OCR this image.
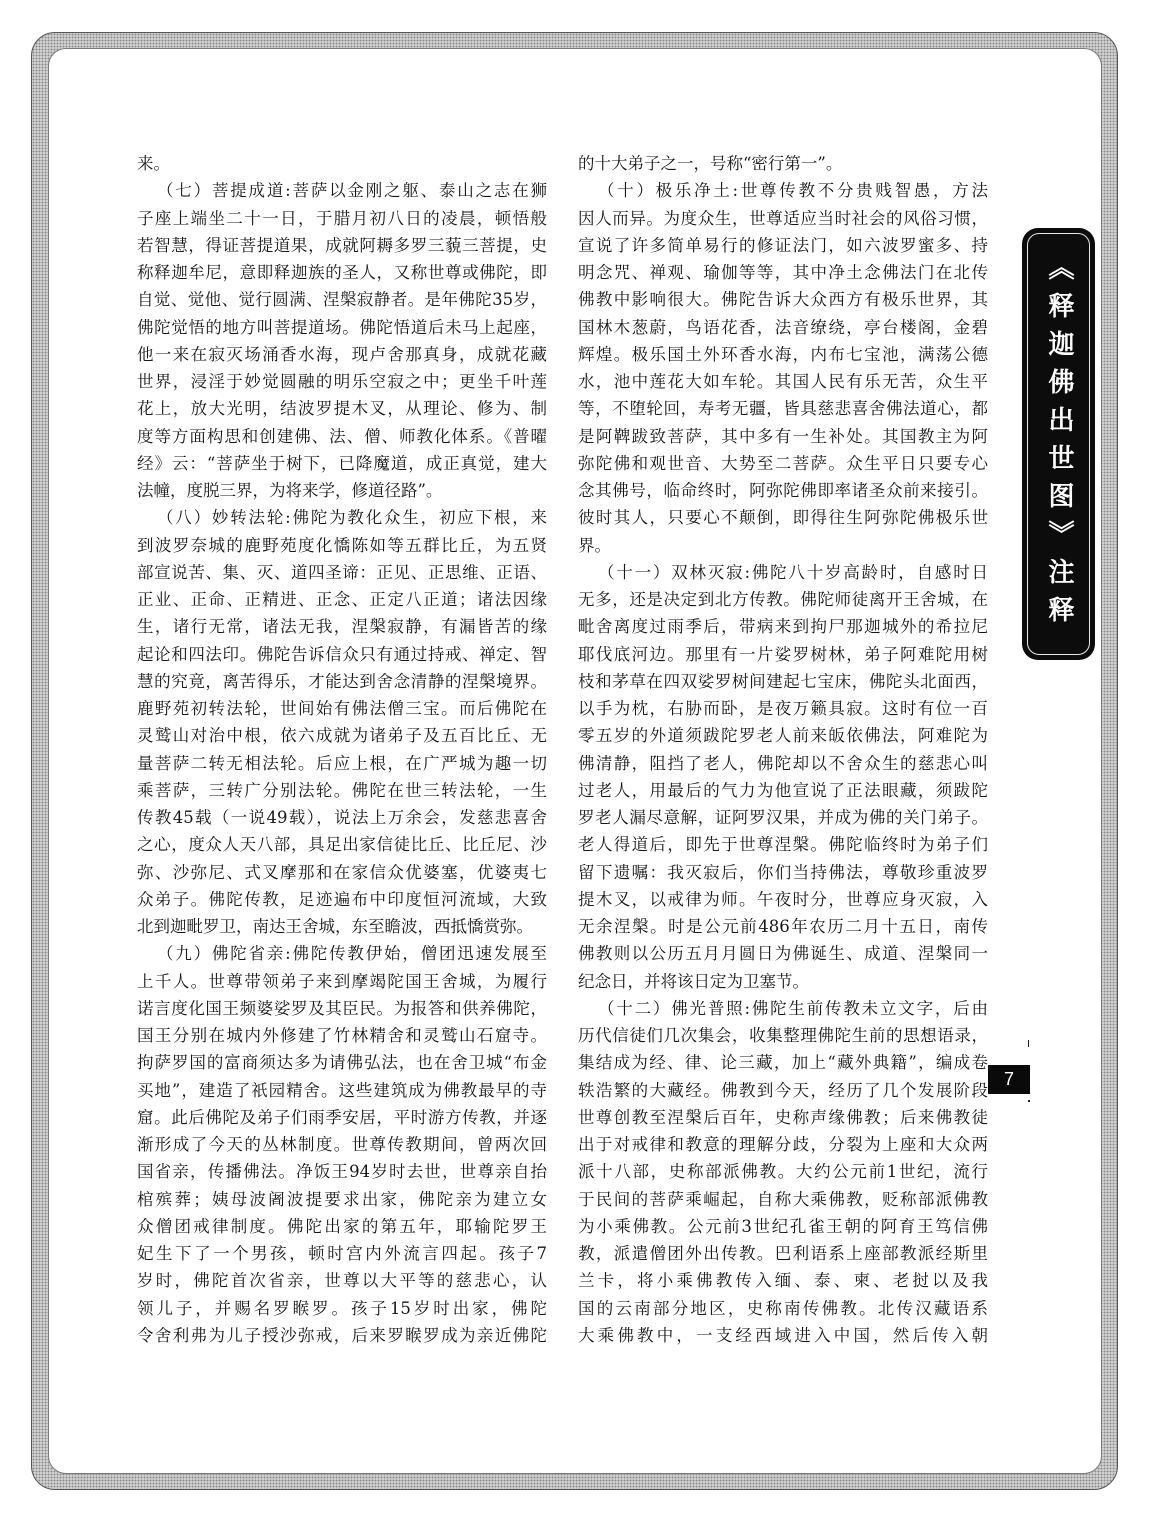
来。
（七）菩提成道:菩萨以金刚之躯、泰山之志在狮
子座上端坐二十一日，于腊月初八日的凌晨，顿悟般
若智慧，得证菩提道果，成就阿耨多罗三藐三菩提，史
称释迦牟尼，意即释迦族的圣人，又称世尊或佛陀，即
自觉、觉他、觉行圆满、涅槃寂静者。是年佛陀35岁，
佛陀觉悟的地方叫菩提道场。佛陀悟道后未马上起座，
他一来在寂灭场涌香水海，现卢舍那真身，成就花藏
世界，浸淫于妙觉圆融的明乐空寂之中；更坐千叶莲
花上，放大光明，结波罗提木叉，从理论、修为、制
度等方面构思和创建佛、法、僧、师教化体系。《普曜
经》云：“菩萨坐于树下，已降魔道，成正真觉，建大
法幢，度脱三界，为将来学，修道径路”。
（八）妙转法轮:佛陀为教化众生，初应下根，来
到波罗奈城的鹿野苑度化憍陈如等五群比丘，为五贤
部宣说苦、集、灭、道四圣谛：正见、正思维、正语、
正业、正命、正精进、正念、正定八正道；诸法因缘
生，诸行无常，诸法无我，涅槃寂静，有漏皆苦的缘
起论和四法印。佛陀告诉信众只有通过持戒、禅定、智
慧的究竟，离苦得乐，才能达到舍念清静的涅槃境界。
鹿野苑初转法轮，世间始有佛法僧三宝。而后佛陀在
灵鹫山对治中根，依六成就为诸弟子及五百比丘、无
量菩萨二转无相法轮。后应上根，在广严城为趣一切
乘菩萨，三转广分别法轮。佛陀在世三转法轮，一生
传教45载（一说49载），说法上万余会，发慈悲喜舍
之心，度众人天八部，具足出家信徒比丘、比丘尼、沙
弥、沙弥尼、式叉摩那和在家信众优婆塞，优婆夷七
众弟子。佛陀传教，足迹遍布中印度恒河流域，大致
北到迦毗罗卫，南达王舍城，东至瞻波，西抵憍赏弥。
（九）佛陀省亲:佛陀传教伊始，僧团迅速发展至
上千人。世尊带领弟子来到摩竭陀国王舍城，为履行
诺言度化国王频婆娑罗及其臣民。为报答和供养佛陀，
国王分别在城内外修建了竹林精舍和灵鹫山石窟寺。
拘萨罗国的富商须达多为请佛弘法，也在舍卫城“布金
买地”，建造了祇园精舍。这些建筑成为佛教最早的寺
窟。此后佛陀及弟子们雨季安居，平时游方传教，并逐
渐形成了今天的丛林制度。世尊传教期间，曾两次回
国省亲，传播佛法。净饭王94岁时去世，世尊亲自抬
棺殡葬；姨母波阇波提要求出家，佛陀亲为建立女
众僧团戒律制度。佛陀出家的第五年，耶输陀罗王
妃生下了一个男孩，顿时宫内外流言四起。孩子7
岁时，佛陀首次省亲，世尊以大平等的慈悲心，认
领儿子，并赐名罗睺罗。孩子15岁时出家，佛陀
令舍利弗为儿子授沙弥戒，后来罗睺罗成为亲近佛陀
的十大弟子之一，号称“密行第一”。
（十）极乐净土:世尊传教不分贵贱智愚，方法
因人而异。为度众生，世尊适应当时社会的风俗习惯，
宣说了许多简单易行的修证法门，如六波罗蜜多、持
明念咒、禅观、瑜伽等等，其中净土念佛法门在北传
佛教中影响很大。佛陀告诉大众西方有极乐世界，其
国林木葱蔚，鸟语花香，法音缭绕，亭台楼阁，金碧
辉煌。极乐国土外环香水海，内布七宝池，满荡公德
水，池中莲花大如车轮。其国人民有乐无苦，众生平
等，不堕轮回，寿考无疆，皆具慈悲喜舍佛法道心，都
是阿鞞跋致菩萨，其中多有一生补处。其国教主为阿
弥陀佛和观世音、大势至二菩萨。众生平日只要专心
念其佛号，临命终时，阿弥陀佛即率诸圣众前来接引。
彼时其人，只要心不颠倒，即得往生阿弥陀佛极乐世
界。
（十一）双林灭寂:佛陀八十岁高龄时，自感时日
无多，还是决定到北方传教。佛陀师徒离开王舍城，在
毗舍离度过雨季后，带病来到拘尸那迦城外的希拉尼
耶伐底河边。那里有一片娑罗树林，弟子阿难陀用树
枝和茅草在四双娑罗树间建起七宝床，佛陀头北面西，
以手为枕，右胁而卧，是夜万籁具寂。这时有位一百
零五岁的外道须跋陀罗老人前来皈依佛法，阿难陀为
佛清静，阻挡了老人，佛陀却以不舍众生的慈悲心叫
过老人，用最后的气力为他宣说了正法眼藏，须跋陀
罗老人漏尽意解，证阿罗汉果，并成为佛的关门弟子。
老人得道后，即先于世尊涅槃。佛陀临终时为弟子们
留下遗嘱：我灭寂后，你们当持佛法，尊敬珍重波罗
提木叉，以戒律为师。午夜时分，世尊应身灭寂，入
无余涅槃。时是公元前486年农历二月十五日，南传
佛教则以公历五月月圆日为佛诞生、成道、涅槃同一
纪念日，并将该日定为卫塞节。
（十二）佛光普照:佛陀生前传教未立文字，后由
历代信徒们几次集会，收集整理佛陀生前的思想语录，
集结成为经、律、论三藏，加上“藏外典籍”，编成卷
轶浩繁的大藏经。佛教到今天，经历了几个发展阶段
世尊创教至涅槃后百年，史称声缘佛教；后来佛教徒
出于对戒律和教意的理解分歧，分裂为上座和大众两
派十八部，史称部派佛教。大约公元前1世纪，流行
于民间的菩萨乘崛起，自称大乘佛教，贬称部派佛教
为小乘佛教。公元前3世纪孔雀王朝的阿育王笃信佛
教，派遣僧团外出传教。巴利语系上座部教派经斯里
兰卡，将小乘佛教传入缅、泰、柬、老挝以及我
国的云南部分地区，史称南传佛教。北传汉藏语系
大乘佛教中，一支经西域进入中国，然后传入朝
《释迦佛出世图》注释
7
